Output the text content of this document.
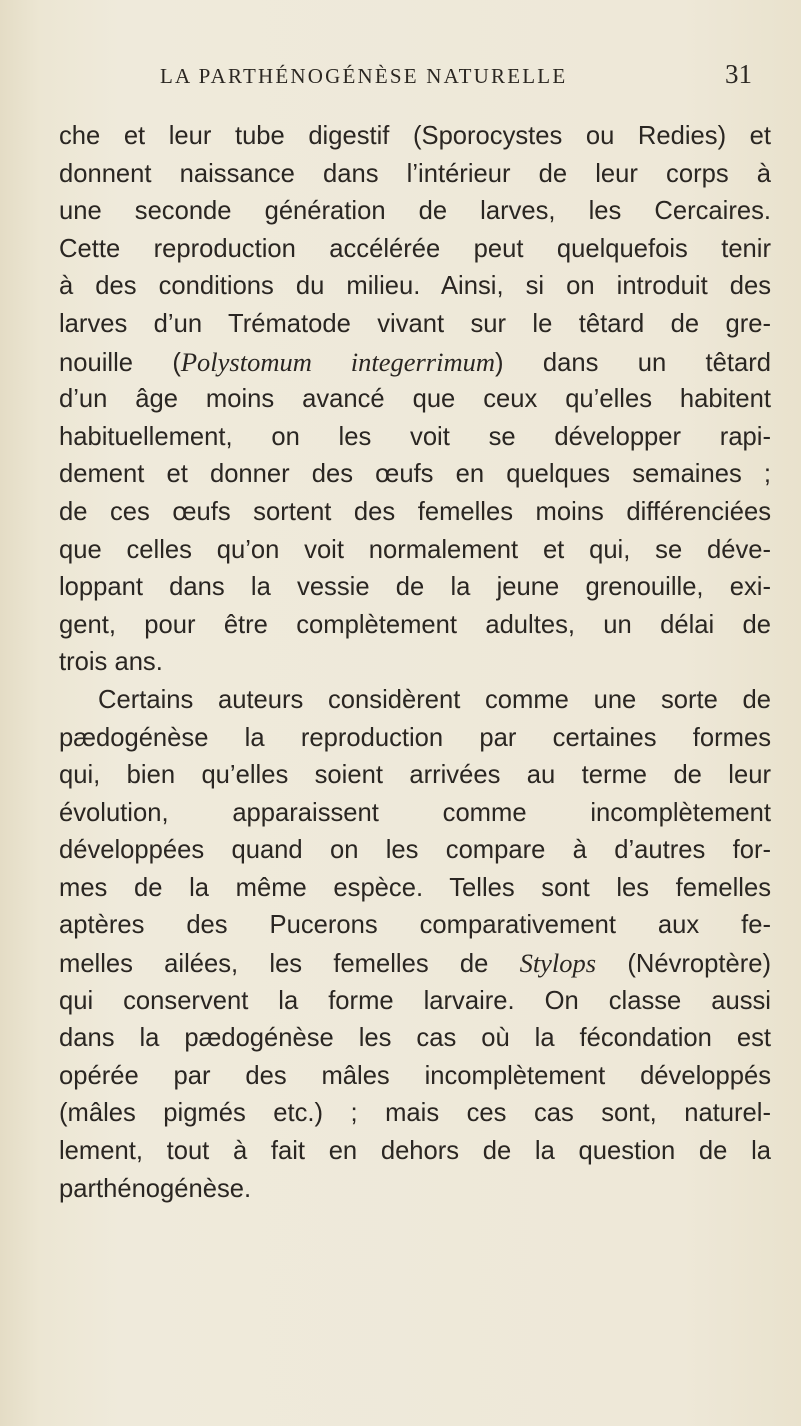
LA PARTHÉNOGÉNÈSE NATURELLE	31
che et leur tube digestif (Sporocystes ou Redies) et
donnent naissance dans l’intérieur de leur corps à
une seconde génération de larves, les Cercaires.
Cette reproduction accélérée peut quelquefois tenir
à des conditions du milieu. Ainsi, si on introduit des
larves d’un Trématode vivant sur le têtard de gre-
nouille (Polystomum integerrimum) dans un têtard
d’un âge moins avancé que ceux qu’elles habitent
habituellement, on les voit se développer rapi-
dement et donner des œufs en quelques semaines ;
de ces œufs sortent des femelles moins différenciées
que celles qu’on voit normalement et qui, se déve-
loppant dans la vessie de la jeune grenouille, exi-
gent, pour être complètement adultes, un délai de
trois ans.
Certains auteurs considèrent comme une sorte de
pædogénèse la reproduction par certaines formes
qui, bien qu’elles soient arrivées au terme de leur
évolution, apparaissent comme incomplètement
développées quand on les compare à d’autres for-
mes de la même espèce. Telles sont les femelles
aptères des Pucerons comparativement aux fe-
melles ailées, les femelles de Stylops (Névroptère)
qui conservent la forme larvaire. On classe aussi
dans la pædogénèse les cas où la fécondation est
opérée par des mâles incomplètement développés
(mâles pigmés etc.) ; mais ces cas sont, naturel-
lement, tout à fait en dehors de la question de la
parthénogénèse.
